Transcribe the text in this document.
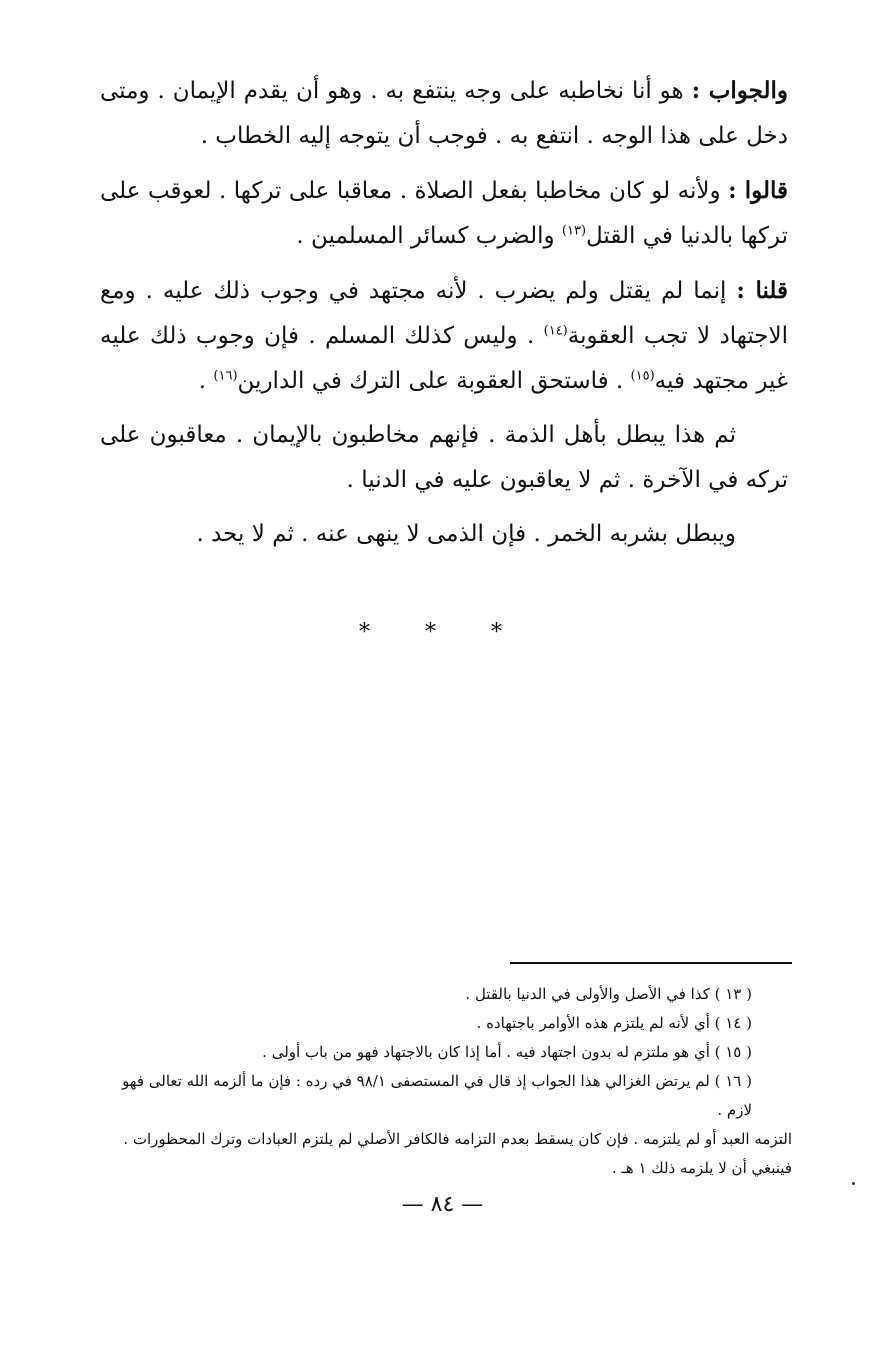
والجواب : هو أنا نخاطبه على وجه ينتفع به . وهو أن يقدم الإيمان . ومتى دخل على هذا الوجه . انتفع به . فوجب أن يتوجه إليه الخطاب .

قالوا : ولأنه لو كان مخاطبا بفعل الصلاة . معاقبا على تركها . لعوقب على تركها بالدنيا في القتل$^{(١٣)}$ والضرب كسائر المسلمين .

قلنا : إنما لم يقتل ولم يضرب . لأنه مجتهد في وجوب ذلك عليه . ومع الاجتهاد لا تجب العقوبة$^{(١٤)}$ . وليس كذلك المسلم . فإن وجوب ذلك عليه غير مجتهد فيه$^{(١٥)}$ . فاستحق العقوبة على الترك في الدارين$^{(١٦)}$ .

ثم هذا يبطل بأهل الذمة . فإنهم مخاطبون بالإيمان . معاقبون على تركه في الآخرة . ثم لا يعاقبون عليه في الدنيا .

ويبطل بشربه الخمر . فإن الذمى لا ينهى عنه . ثم لا يحد .

* * *

( ١٣ ) كذا في الأصل والأولى في الدنيا بالقتل .

( ١٤ ) أي لأنه لم يلتزم هذه الأوامر باجتهاده .

( ١٥ ) أي هو ملتزم له بدون اجتهاد فيه . أما إذا كان بالاجتهاد فهو من باب أولى .

( ١٦ ) لم يرتض الغزالي هذا الجواب إذ قال في المستصفى ٩٨/١ في رده : فإن ما ألزمه الله تعالى فهو لازم .

التزمه العبد أو لم يلتزمه . فإن كان يسقط بعدم التزامه فالكافر الأصلي لم يلتزم العبادات وترك المحظورات .

فينبغي أن لا يلزمه ذلك ١ هـ .

— ٨٤ —
